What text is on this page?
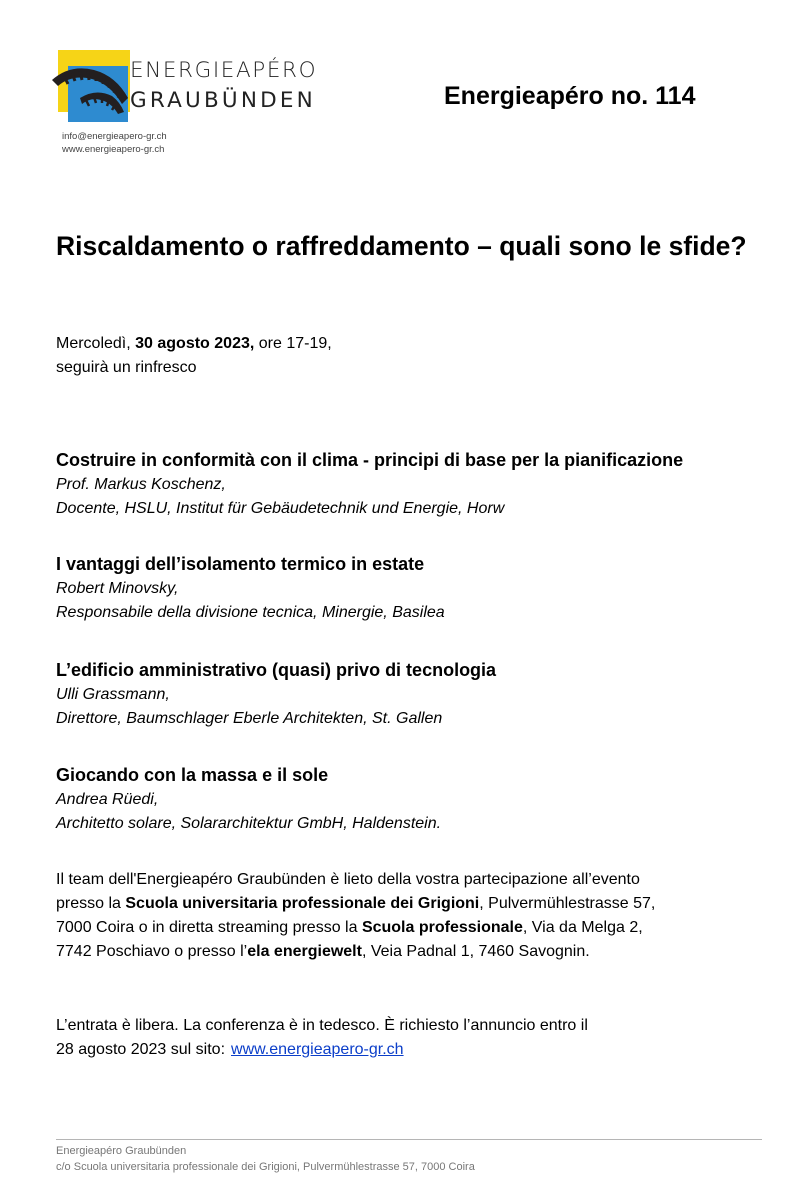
ENERGIEAPÉRO
GRAUBÜNDEN
info@energieapero-gr.ch
www.energieapero-gr.ch
Energieapéro no. 114
Riscaldamento o raffreddamento – quali sono le sfide?
Mercoledì, 30 agosto 2023, ore 17-19,
seguirà un rinfresco
Costruire in conformità con il clima - principi di base per la pianificazione
Prof. Markus Koschenz,
Docente, HSLU, Institut für Gebäudetechnik und Energie, Horw
I vantaggi dell’isolamento termico in estate
Robert Minovsky,
Responsabile della divisione tecnica, Minergie, Basilea
L’edificio amministrativo (quasi) privo di tecnologia
Ulli Grassmann,
Direttore, Baumschlager Eberle Architekten, St. Gallen
Giocando con la massa e il sole
Andrea Rüedi,
Architetto solare, Solararchitektur GmbH, Haldenstein.

Il team dell'Energieapéro Graubünden è lieto della vostra partecipazione all’evento
presso la Scuola universitaria professionale dei Grigioni, Pulvermühlestrasse 57,
7000 Coira o in diretta streaming presso la Scuola professionale, Via da Melga 2,
7742 Poschiavo o presso l’ela energiewelt, Veia Padnal 1, 7460 Savognin.

L’entrata è libera. La conferenza è in tedesco. È richiesto l’annuncio entro il
28 agosto 2023 sul sito: www.energieapero-gr.ch

Energieapéro Graubünden
c/o Scuola universitaria professionale dei Grigioni, Pulvermühlestrasse 57, 7000 Coira
